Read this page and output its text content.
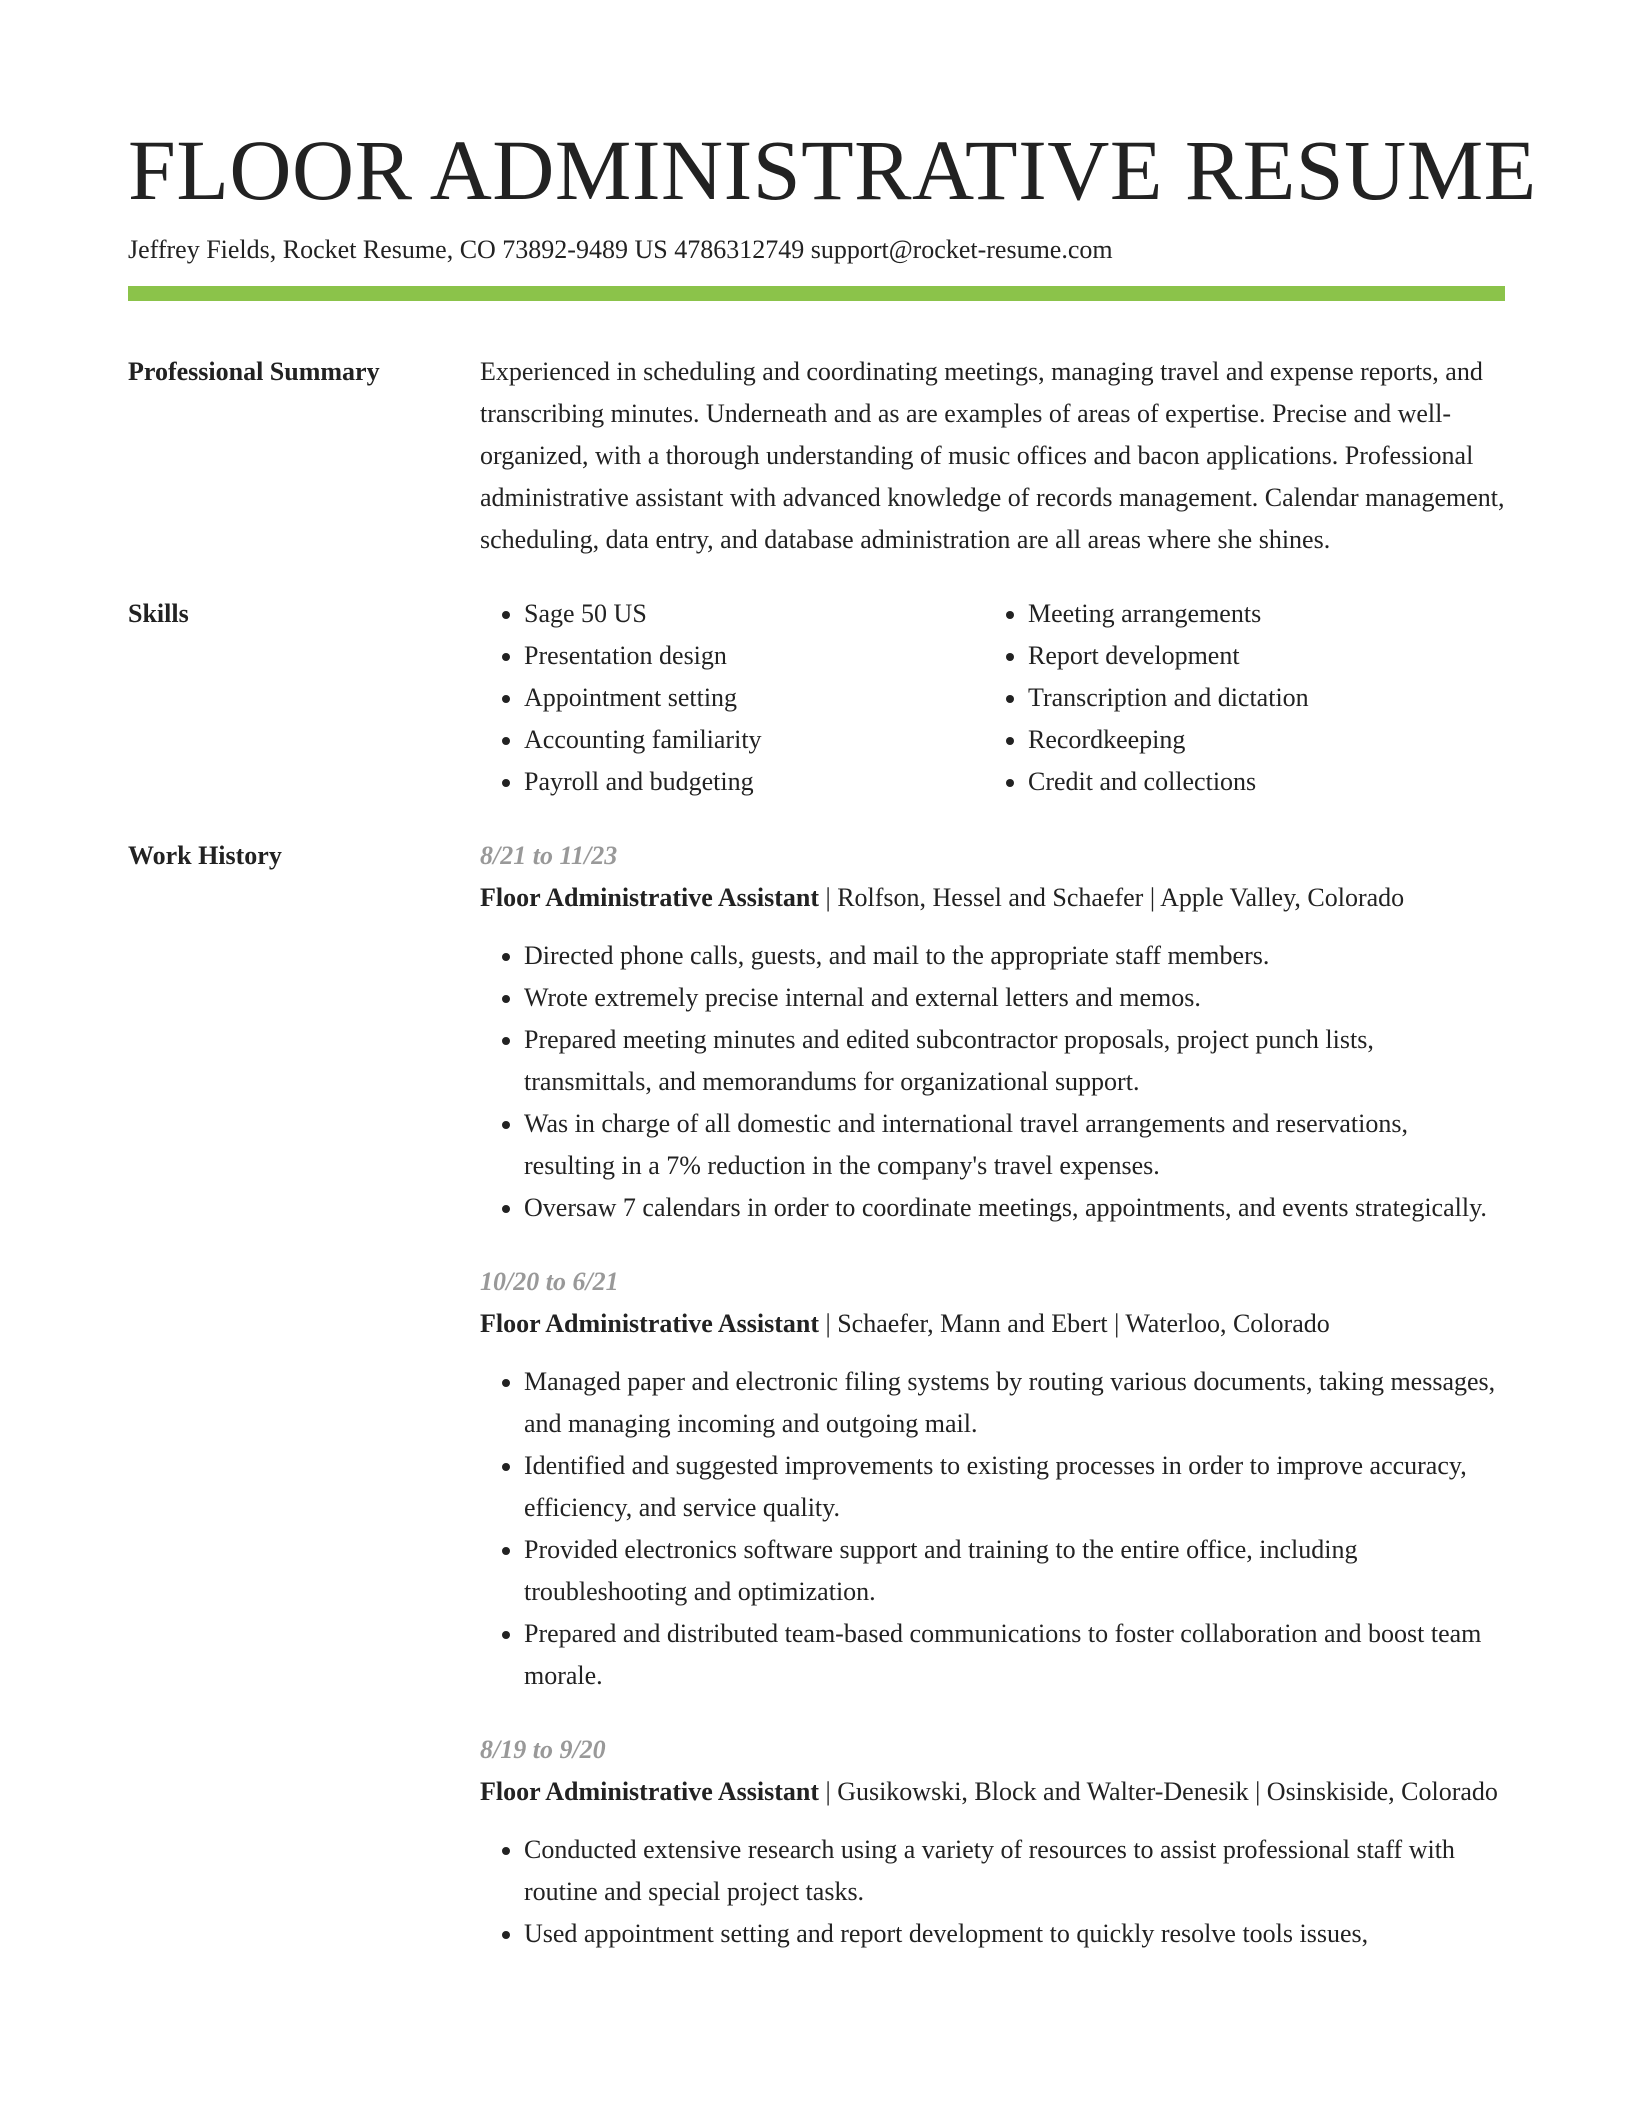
FLOOR ADMINISTRATIVE RESUME
Jeffrey Fields, Rocket Resume, CO 73892-9489 US 4786312749 support@rocket-resume.com
Professional Summary	Experienced in scheduling and coordinating meetings, managing travel and expense reports, and transcribing minutes. Underneath and as are examples of areas of expertise. Precise and well-organized, with a thorough understanding of music offices and bacon applications. Professional administrative assistant with advanced knowledge of records management. Calendar management, scheduling, data entry, and database administration are all areas where she shines.
Skills
•	Sage 50 US
• Presentation design
• Appointment setting
• Accounting familiarity
• Payroll and budgeting
• Meeting arrangements
• Report development
• Transcription and dictation
• Recordkeeping
• Credit and collections
Work History	8/21 to 11/23
Floor Administrative Assistant | Rolfson, Hessel and Schaefer | Apple Valley, Colorado
• Directed phone calls, guests, and mail to the appropriate staff members.
• Wrote extremely precise internal and external letters and memos.
• Prepared meeting minutes and edited subcontractor proposals, project punch lists, transmittals, and memorandums for organizational support.
• Was in charge of all domestic and international travel arrangements and reservations, resulting in a 7% reduction in the company's travel expenses.
• Oversaw 7 calendars in order to coordinate meetings, appointments, and events strategically.
10/20 to 6/21
Floor Administrative Assistant | Schaefer, Mann and Ebert | Waterloo, Colorado
• Managed paper and electronic filing systems by routing various documents, taking messages, and managing incoming and outgoing mail.
• Identified and suggested improvements to existing processes in order to improve accuracy, efficiency, and service quality.
• Provided electronics software support and training to the entire office, including troubleshooting and optimization.
• Prepared and distributed team-based communications to foster collaboration and boost team morale.
8/19 to 9/20
Floor Administrative Assistant | Gusikowski, Block and Walter-Denesik | Osinskiside, Colorado
• Conducted extensive research using a variety of resources to assist professional staff with routine and special project tasks.
• Used appointment setting and report development to quickly resolve tools issues,
